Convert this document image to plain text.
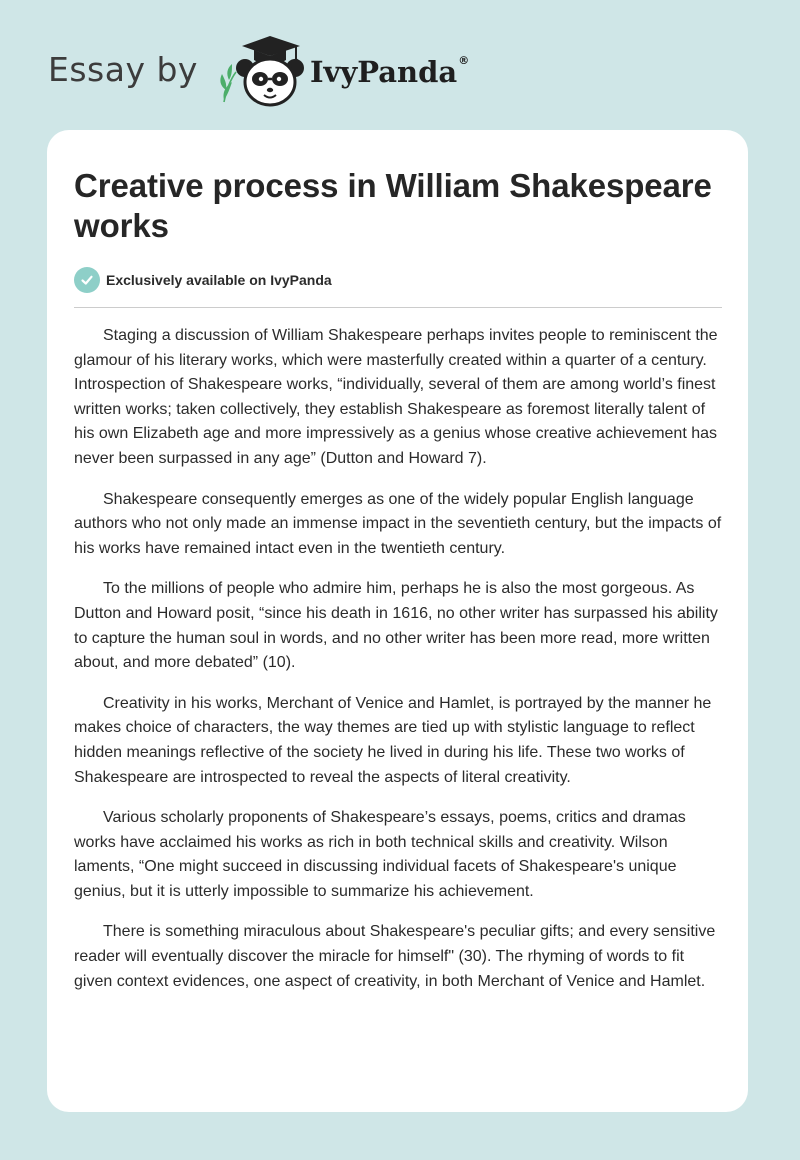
Essay by	IvyPanda®
Creative process in William Shakespeare works
Exclusively available on IvyPanda

Staging a discussion of William Shakespeare perhaps invites people to reminiscent the glamour of his literary works, which were masterfully created within a quarter of a century. Introspection of Shakespeare works, “individually, several of them are among world’s finest written works; taken collectively, they establish Shakespeare as foremost literally talent of his own Elizabeth age and more impressively as a genius whose creative achievement has never been surpassed in any age” (Dutton and Howard 7).

Shakespeare consequently emerges as one of the widely popular English language authors who not only made an immense impact in the seventieth century, but the impacts of his works have remained intact even in the twentieth century.

To the millions of people who admire him, perhaps he is also the most gorgeous. As Dutton and Howard posit, “since his death in 1616, no other writer has surpassed his ability to capture the human soul in words, and no other writer has been more read, more written about, and more debated” (10).

Creativity in his works, Merchant of Venice and Hamlet, is portrayed by the manner he makes choice of characters, the way themes are tied up with stylistic language to reflect hidden meanings reflective of the society he lived in during his life. These two works of Shakespeare are introspected to reveal the aspects of literal creativity.

Various scholarly proponents of Shakespeare’s essays, poems, critics and dramas works have acclaimed his works as rich in both technical skills and creativity. Wilson laments, “One might succeed in discussing individual facets of Shakespeare's unique genius, but it is utterly impossible to summarize his achievement.

There is something miraculous about Shakespeare's peculiar gifts; and every sensitive reader will eventually discover the miracle for himself" (30). The rhyming of words to fit given context evidences, one aspect of creativity, in both Merchant of Venice and Hamlet.
